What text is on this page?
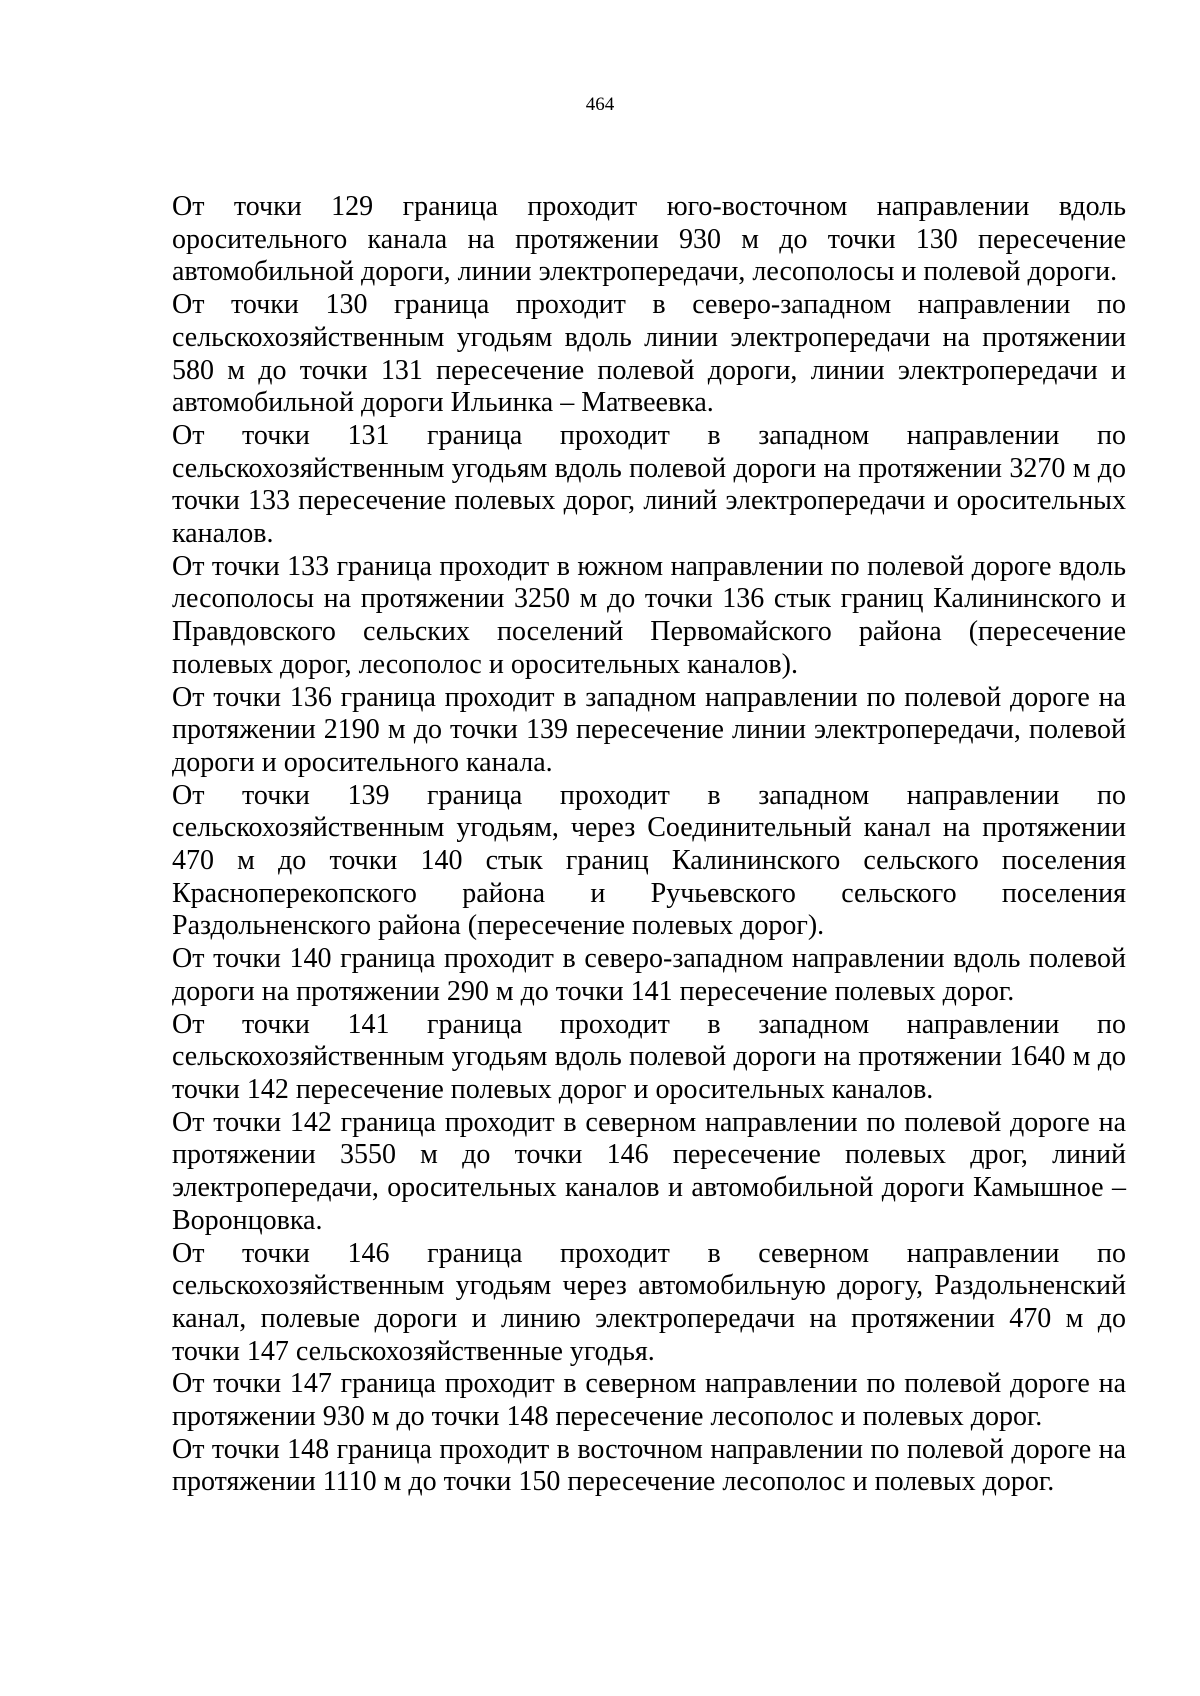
464

От точки 129 граница проходит юго-восточном направлении вдоль оросительного канала на протяжении 930 м до точки 130 пересечение автомобильной дороги, линии электропередачи, лесополосы и полевой дороги.

От точки 130 граница проходит в северо-западном направлении по сельскохозяйственным угодьям вдоль линии электропередачи на протяжении 580 м до точки 131 пересечение полевой дороги, линии электропередачи и автомобильной дороги Ильинка – Матвеевка.

От точки 131 граница проходит в западном направлении по сельскохозяйственным угодьям вдоль полевой дороги на протяжении 3270 м до точки 133 пересечение полевых дорог, линий электропередачи и оросительных каналов.

От точки 133 граница проходит в южном направлении по полевой дороге вдоль лесополосы на протяжении 3250 м до точки 136 стык границ Калининского и Правдовского сельских поселений Первомайского района (пересечение полевых дорог, лесополос и оросительных каналов).

От точки 136 граница проходит в западном направлении по полевой дороге на протяжении 2190 м до точки 139 пересечение линии электропередачи, полевой дороги и оросительного канала.

От точки 139 граница проходит в западном направлении по сельскохозяйственным угодьям, через Соединительный канал на протяжении 470 м до точки 140 стык границ Калининского сельского поселения Красноперекопского района и Ручьевского сельского поселения Раздольненского района (пересечение полевых дорог).

От точки 140 граница проходит в северо-западном направлении вдоль полевой дороги на протяжении 290 м до точки 141 пересечение полевых дорог.

От точки 141 граница проходит в западном направлении по сельскохозяйственным угодьям вдоль полевой дороги на протяжении 1640 м до точки 142 пересечение полевых дорог и оросительных каналов.

От точки 142 граница проходит в северном направлении по полевой дороге на протяжении 3550 м до точки 146 пересечение полевых дрог, линий электропередачи, оросительных каналов и автомобильной дороги Камышное – Воронцовка.

От точки 146 граница проходит в северном направлении по сельскохозяйственным угодьям через автомобильную дорогу, Раздольненский канал, полевые дороги и линию электропередачи на протяжении 470 м до точки 147 сельскохозяйственные угодья.

От точки 147 граница проходит в северном направлении по полевой дороге на протяжении 930 м до точки 148 пересечение лесополос и полевых дорог.

От точки 148 граница проходит в восточном направлении по полевой дороге на протяжении 1110 м до точки 150 пересечение лесополос и полевых дорог.
